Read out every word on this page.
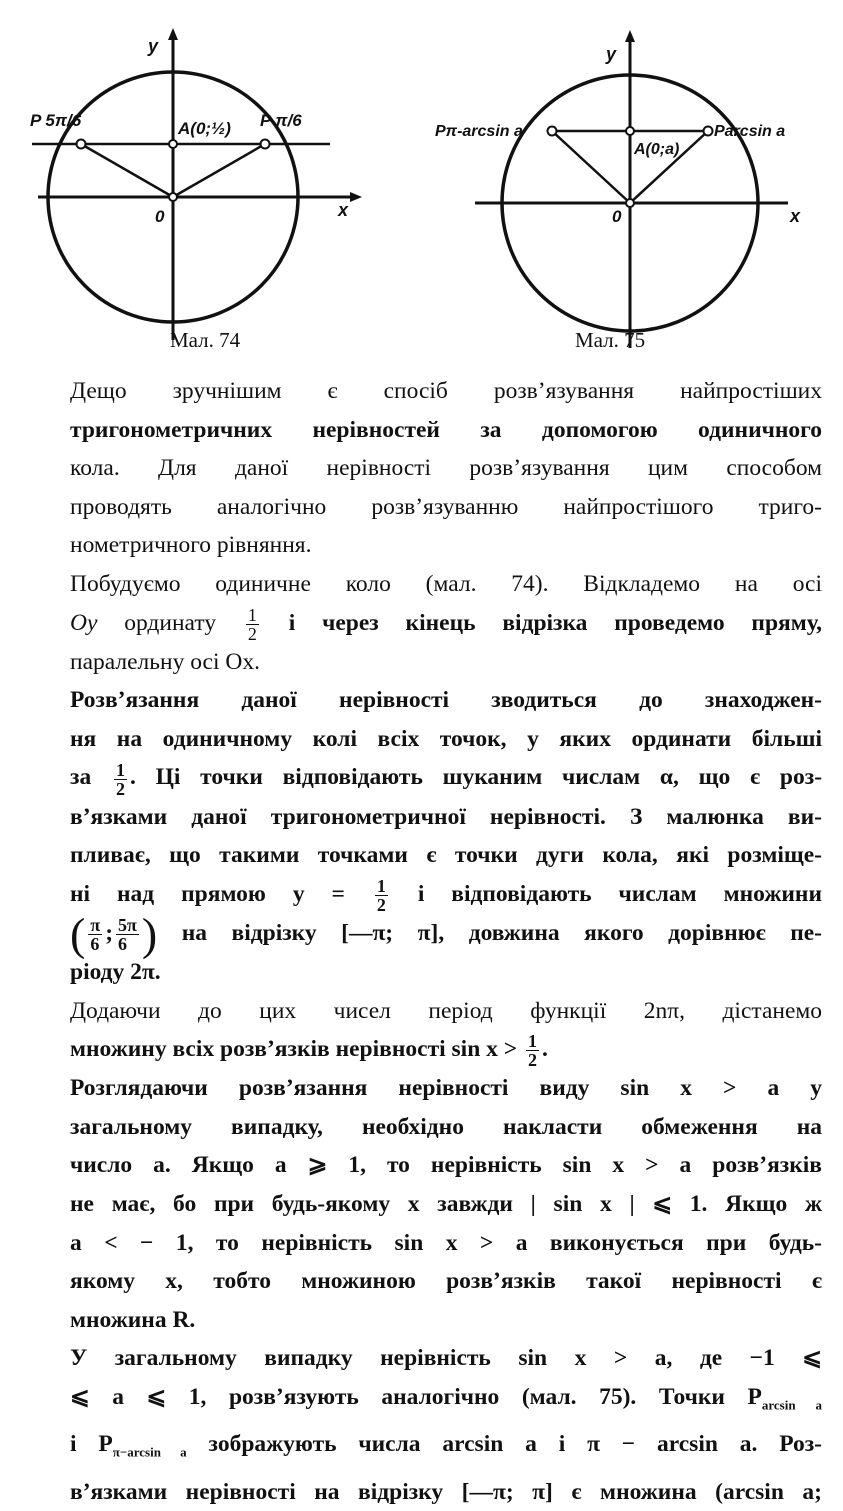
y
x
0
A(0;½)
P 5π/6	P π/6
Мал. 74
y
x
0
A(0;a)
Pπ-arcsin a	Parcsin a
Мал. 75

Дещо зручнішим є спосіб розв’язування найпростіших
тригонометричних нерівностей за допомогою одиничного
кола. Для даної нерівності розв’язування цим способом
проводять аналогічно розв’язуванню найпростішого триго-
нометричного рівняння.

Побудуємо одиничне коло (мал. 74). Відкладемо на осі
Oy ординату $\frac{1}{2}$ і через кінець відрізка проведемо пряму,
паралельну осі Ox.

Розв’язання даної нерівності зводиться до знаходжен-
ня на одиничному колі всіх точок, у яких ординати більші
за $\frac{1}{2}$ . Ці точки відповідають шуканим числам α, що є роз-
в’язками даної тригонометричної нерівності. З малюнка ви-
пливає, що такими точками є точки дуги кола, які розміще-
ні над прямою $y = \frac{1}{2}$ і відповідають числам множини
( $\frac{\pi}{6}$ ; $\frac{5\pi}{6}$ ) на відрізку [—π; π], довжина якого дорівнює пе-
ріоду 2π.

Додаючи до цих чисел період функції 2nπ, дістанемо
множину всіх розв’язків нерівності $\sin x > \frac{1}{2}$ .

Розглядаючи розв’язання нерівності виду sin x > a у
загальному випадку, необхідно накласти обмеження на
число a. Якщо a ⩾ 1, то нерівність sin x > a розв’язків
не має, бо при будь-якому x завжди | sin x | ⩽ 1. Якщо ж
a < − 1, то нерівність sin x > a виконується при будь-
якому x, тобто множиною розв’язків такої нерівності є
множина R.

У загальному випадку нерівність sin x > a, де −1 ⩽
⩽ a ⩽ 1, розв’язують аналогічно (мал. 75). Точки $P_{arcsin a}$
і $P_{\pi-arcsin a}$ зображують числа arcsin a і π − arcsin a. Роз-
в’язками нерівності на відрізку [—π; π] є множина (arcsin a;
